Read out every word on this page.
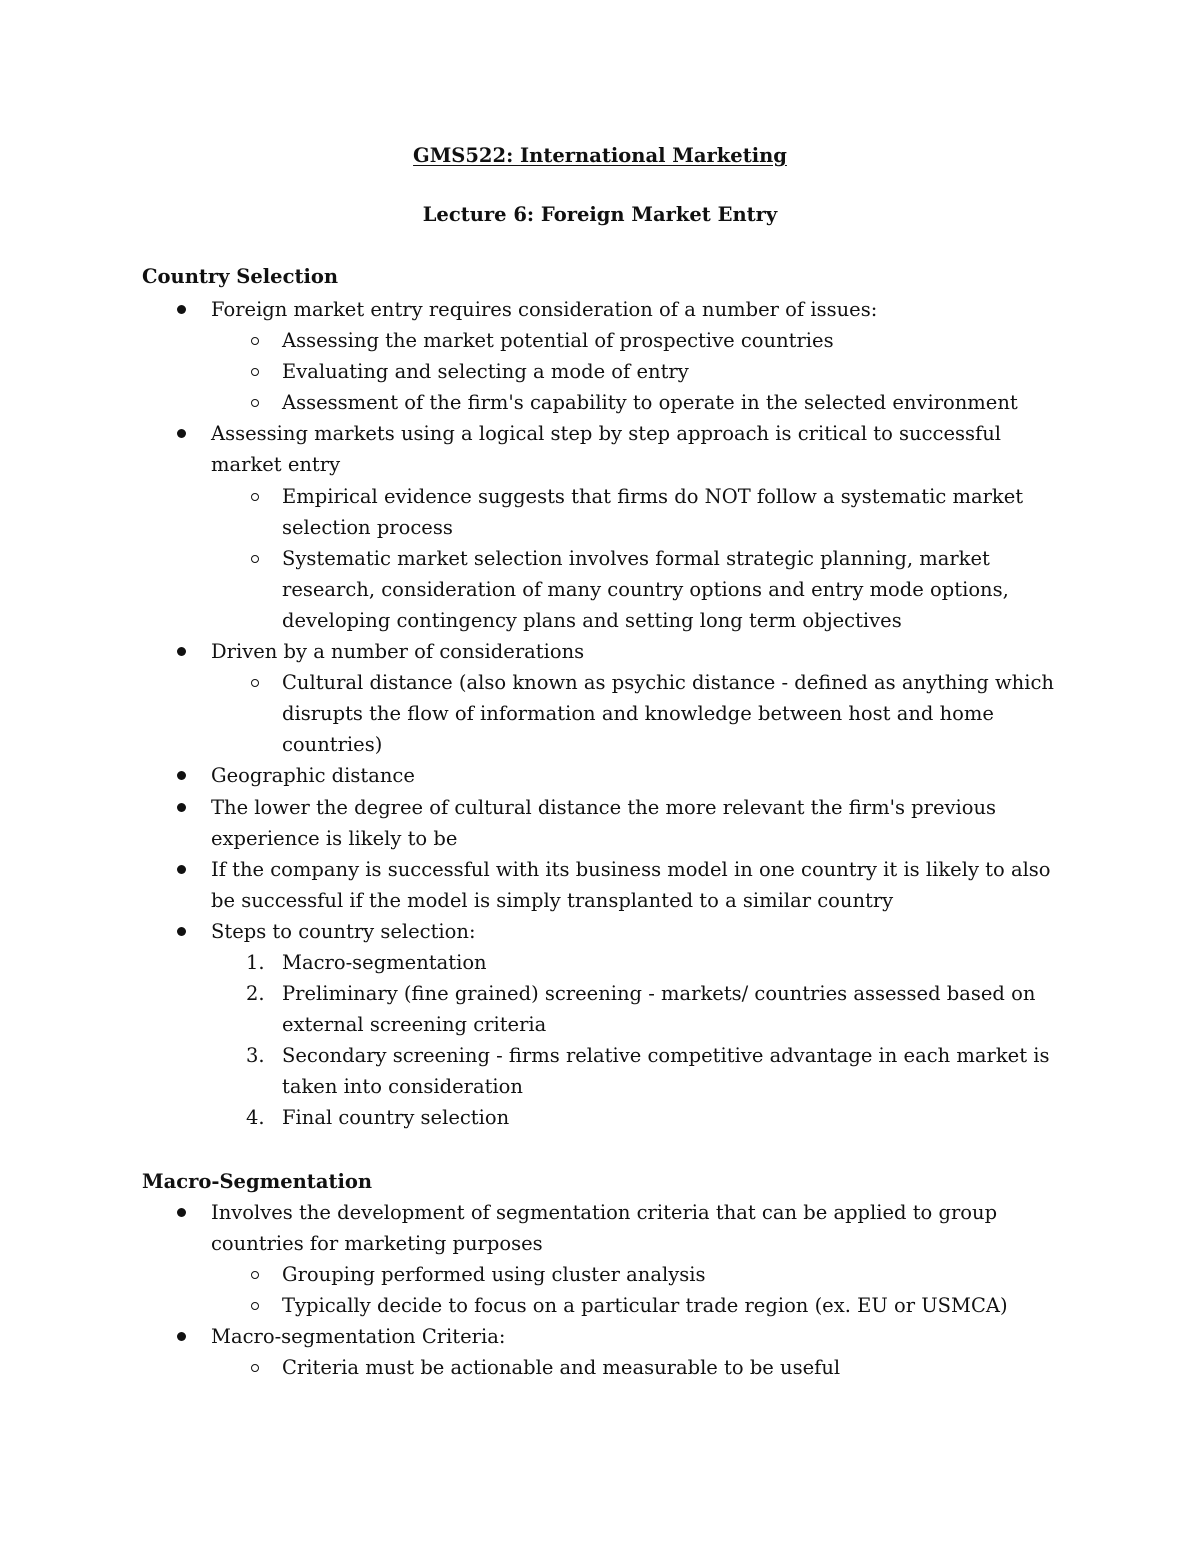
GMS522: International Marketing
Lecture 6: Foreign Market Entry
Country Selection
Foreign market entry requires consideration of a number of issues:
Assessing the market potential of prospective countries
Evaluating and selecting a mode of entry
Assessment of the firm's capability to operate in the selected environment
Assessing markets using a logical step by step approach is critical to successful market entry
Empirical evidence suggests that firms do NOT follow a systematic market selection process
Systematic market selection involves formal strategic planning, market research, consideration of many country options and entry mode options, developing contingency plans and setting long term objectives
Driven by a number of considerations
Cultural distance (also known as psychic distance - defined as anything which disrupts the flow of information and knowledge between host and home countries)
Geographic distance
The lower the degree of cultural distance the more relevant the firm's previous experience is likely to be
If the company is successful with its business model in one country it is likely to also be successful if the model is simply transplanted to a similar country
Steps to country selection:
1. Macro-segmentation
2. Preliminary (fine grained) screening - markets/ countries assessed based on external screening criteria
3. Secondary screening - firms relative competitive advantage in each market is taken into consideration
4. Final country selection
Macro-Segmentation
Involves the development of segmentation criteria that can be applied to group countries for marketing purposes
Grouping performed using cluster analysis
Typically decide to focus on a particular trade region (ex. EU or USMCA)
Macro-segmentation Criteria:
Criteria must be actionable and measurable to be useful
